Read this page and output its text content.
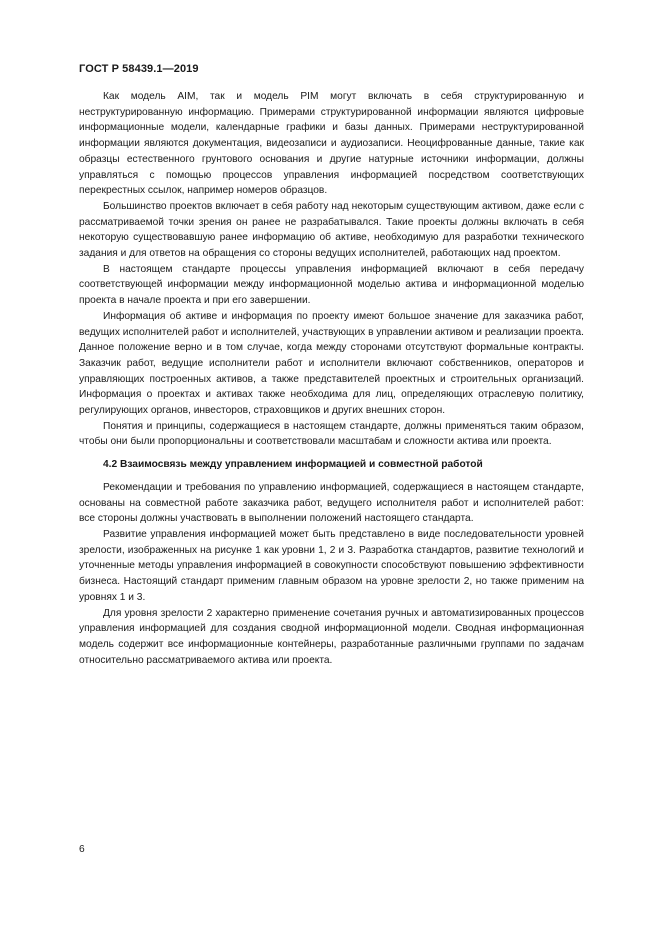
ГОСТ Р 58439.1—2019

Как модель AIM, так и модель PIM могут включать в себя структурированную и неструктурированную информацию. Примерами структурированной информации являются цифровые информационные модели, календарные графики и базы данных. Примерами неструктурированной информации являются документация, видеозаписи и аудиозаписи. Неоцифрованные данные, такие как образцы естественного грунтового основания и другие натурные источники информации, должны управляться с помощью процессов управления информацией посредством соответствующих перекрестных ссылок, например номеров образцов.

Большинство проектов включает в себя работу над некоторым существующим активом, даже если с рассматриваемой точки зрения он ранее не разрабатывался. Такие проекты должны включать в себя некоторую существовавшую ранее информацию об активе, необходимую для разработки технического задания и для ответов на обращения со стороны ведущих исполнителей, работающих над проектом.

В настоящем стандарте процессы управления информацией включают в себя передачу соответствующей информации между информационной моделью актива и информационной моделью проекта в начале проекта и при его завершении.

Информация об активе и информация по проекту имеют большое значение для заказчика работ, ведущих исполнителей работ и исполнителей, участвующих в управлении активом и реализации проекта. Данное положение верно и в том случае, когда между сторонами отсутствуют формальные контракты. Заказчик работ, ведущие исполнители работ и исполнители включают собственников, операторов и управляющих построенных активов, а также представителей проектных и строительных организаций. Информация о проектах и активах также необходима для лиц, определяющих отраслевую политику, регулирующих органов, инвесторов, страховщиков и других внешних сторон.

Понятия и принципы, содержащиеся в настоящем стандарте, должны применяться таким образом, чтобы они были пропорциональны и соответствовали масштабам и сложности актива или проекта.

4.2 Взаимосвязь между управлением информацией и совместной работой

Рекомендации и требования по управлению информацией, содержащиеся в настоящем стандарте, основаны на совместной работе заказчика работ, ведущего исполнителя работ и исполнителей работ: все стороны должны участвовать в выполнении положений настоящего стандарта.

Развитие управления информацией может быть представлено в виде последовательности уровней зрелости, изображенных на рисунке 1 как уровни 1, 2 и 3. Разработка стандартов, развитие технологий и уточненные методы управления информацией в совокупности способствуют повышению эффективности бизнеса. Настоящий стандарт применим главным образом на уровне зрелости 2, но также применим на уровнях 1 и 3.

Для уровня зрелости 2 характерно применение сочетания ручных и автоматизированных процессов управления информацией для создания сводной информационной модели. Сводная информационная модель содержит все информационные контейнеры, разработанные различными группами по задачам относительно рассматриваемого актива или проекта.

6
